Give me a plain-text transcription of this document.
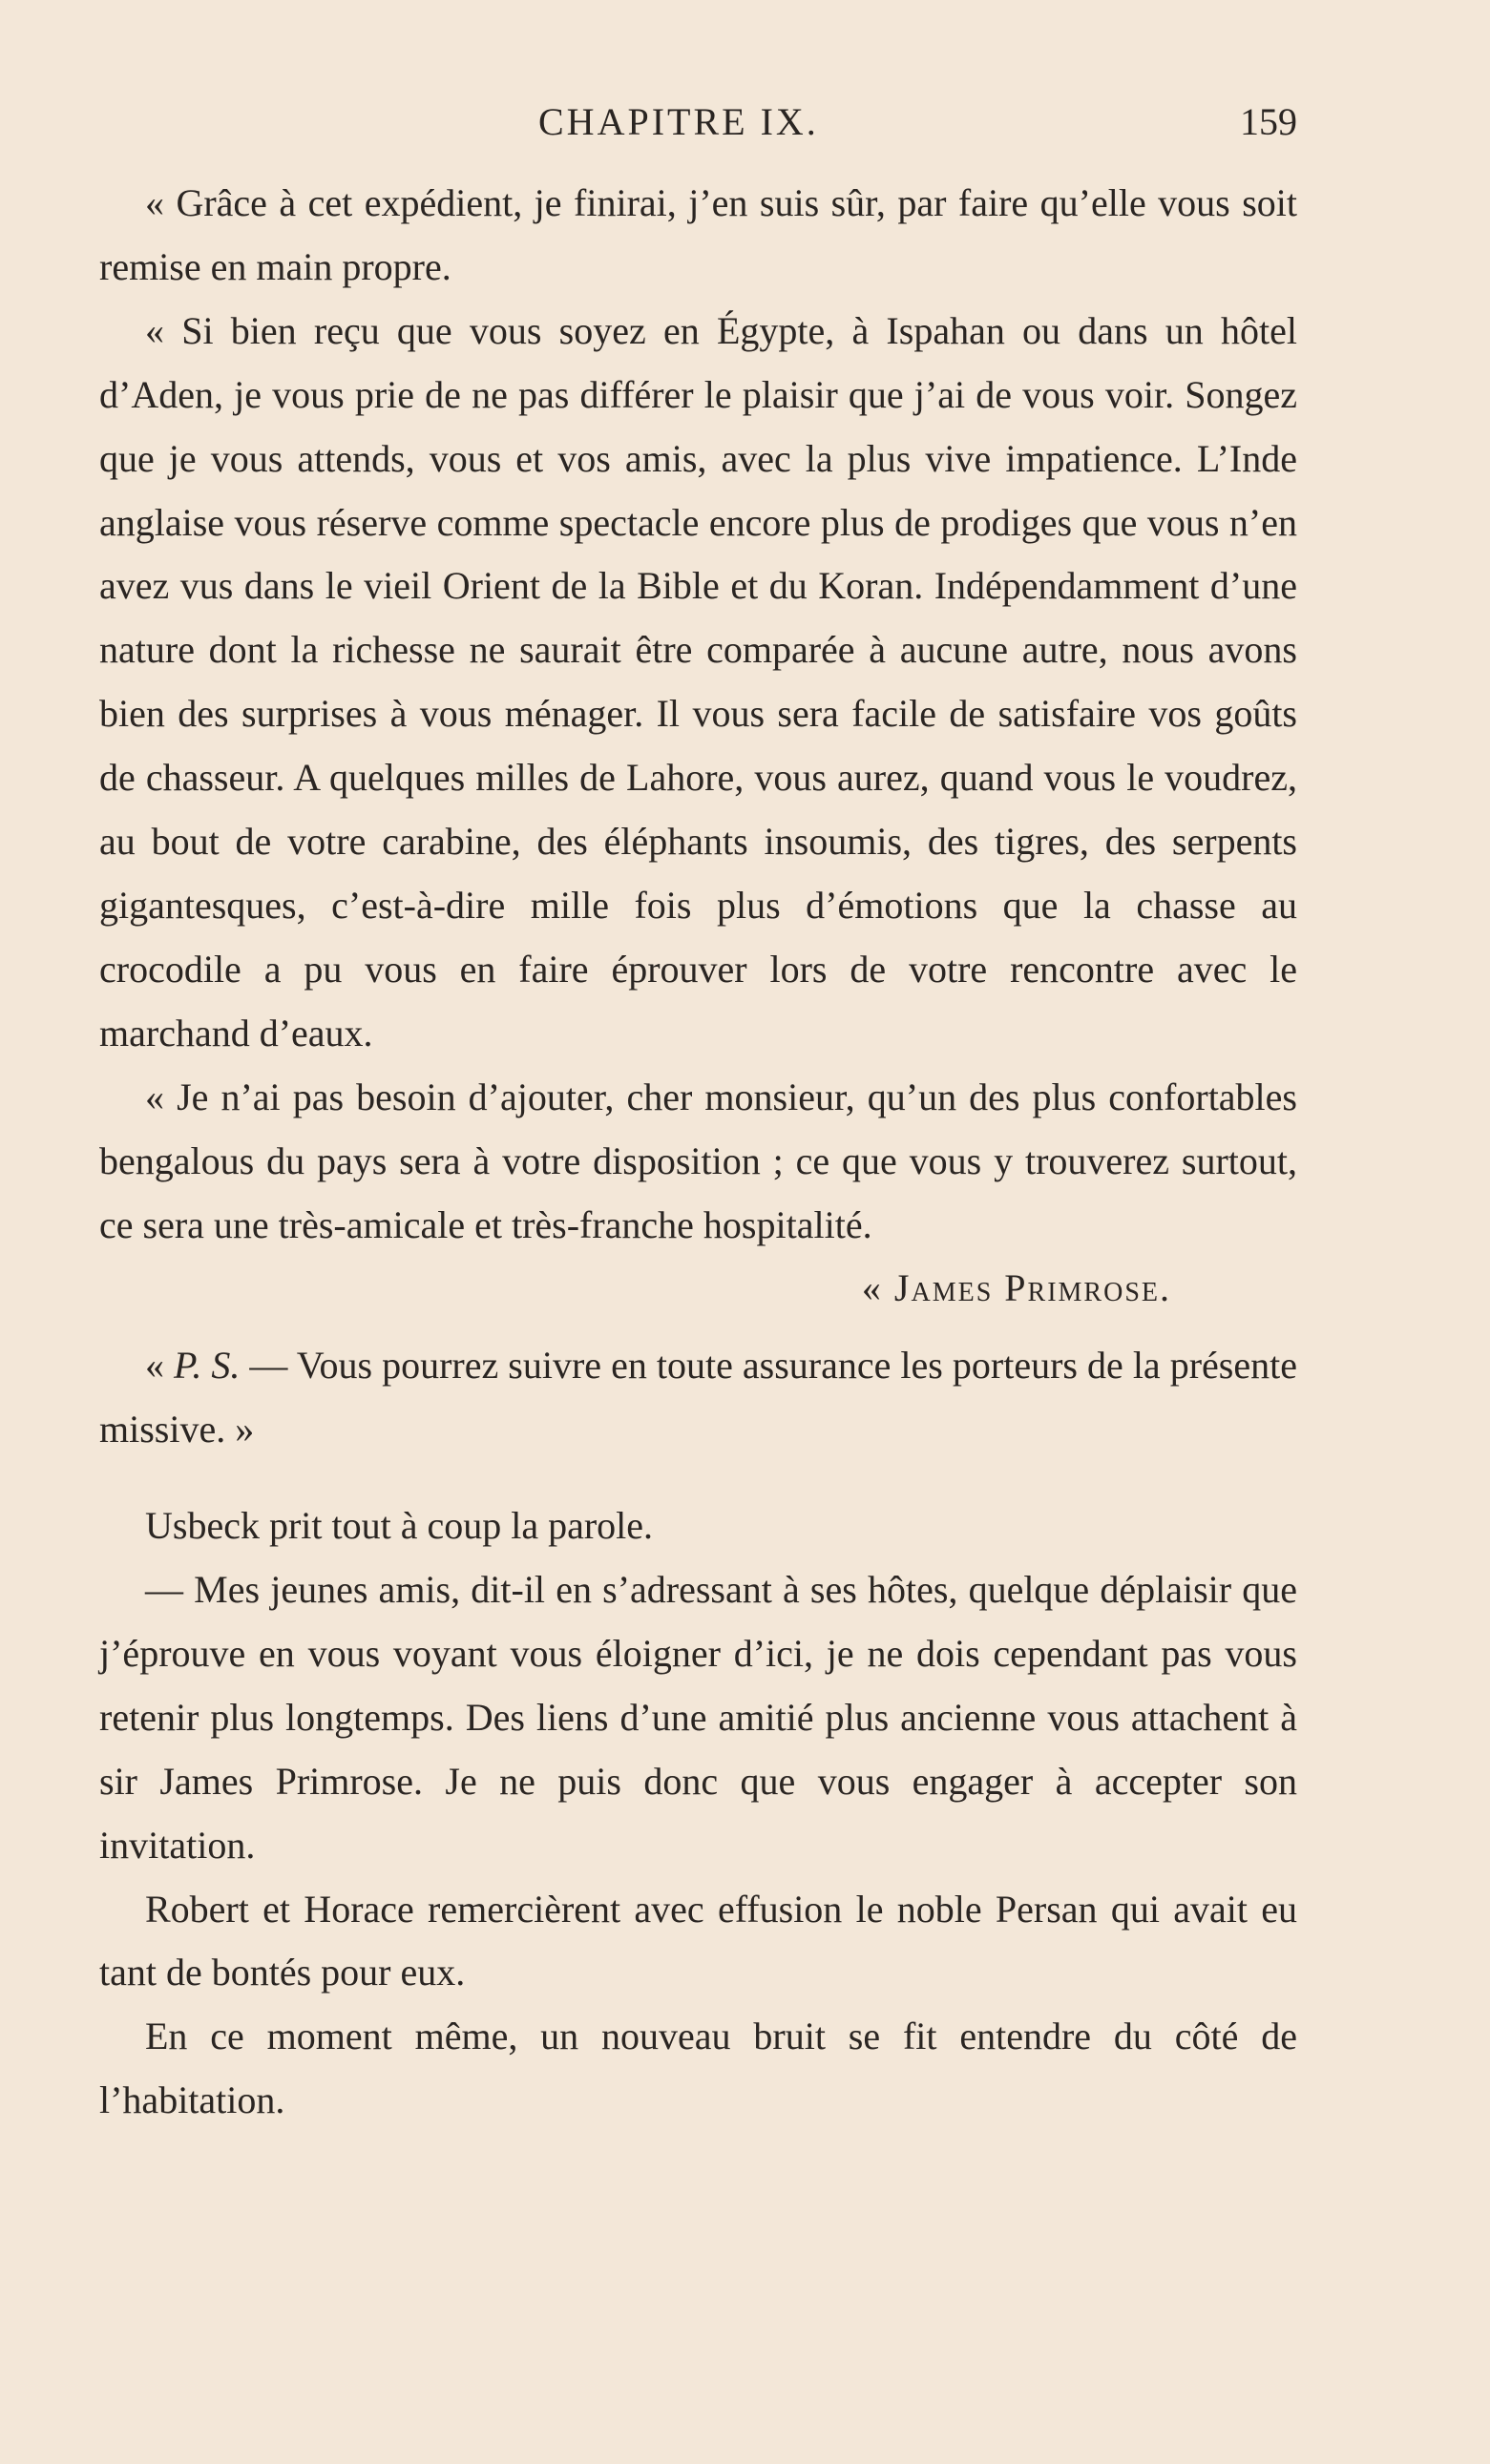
CHAPITRE IX.	159

« Grâce à cet expédient, je finirai, j’en suis sûr, par faire qu’elle vous soit remise en main propre.

« Si bien reçu que vous soyez en Égypte, à Ispahan ou dans un hôtel d’Aden, je vous prie de ne pas différer le plaisir que j’ai de vous voir. Songez que je vous attends, vous et vos amis, avec la plus vive impatience. L’Inde anglaise vous réserve comme spectacle encore plus de prodiges que vous n’en avez vus dans le vieil Orient de la Bible et du Koran. Indépendamment d’une nature dont la richesse ne saurait être comparée à aucune autre, nous avons bien des surprises à vous ménager. Il vous sera facile de satisfaire vos goûts de chasseur. A quelques milles de Lahore, vous aurez, quand vous le voudrez, au bout de votre carabine, des éléphants insoumis, des tigres, des serpents gigantesques, c’est-à-dire mille fois plus d’émotions que la chasse au crocodile a pu vous en faire éprouver lors de votre rencontre avec le marchand d’eaux.

« Je n’ai pas besoin d’ajouter, cher monsieur, qu’un des plus confortables bengalous du pays sera à votre disposition ; ce que vous y trouverez surtout, ce sera une très-amicale et très-franche hospitalité.

« James Primrose.

« P. S. — Vous pourrez suivre en toute assurance les porteurs de la présente missive. »

Usbeck prit tout à coup la parole.

— Mes jeunes amis, dit-il en s’adressant à ses hôtes, quelque déplaisir que j’éprouve en vous voyant vous éloigner d’ici, je ne dois cependant pas vous retenir plus longtemps. Des liens d’une amitié plus ancienne vous attachent à sir James Primrose. Je ne puis donc que vous engager à accepter son invitation.

Robert et Horace remercièrent avec effusion le noble Persan qui avait eu tant de bontés pour eux.

En ce moment même, un nouveau bruit se fit entendre du côté de l’habitation.
